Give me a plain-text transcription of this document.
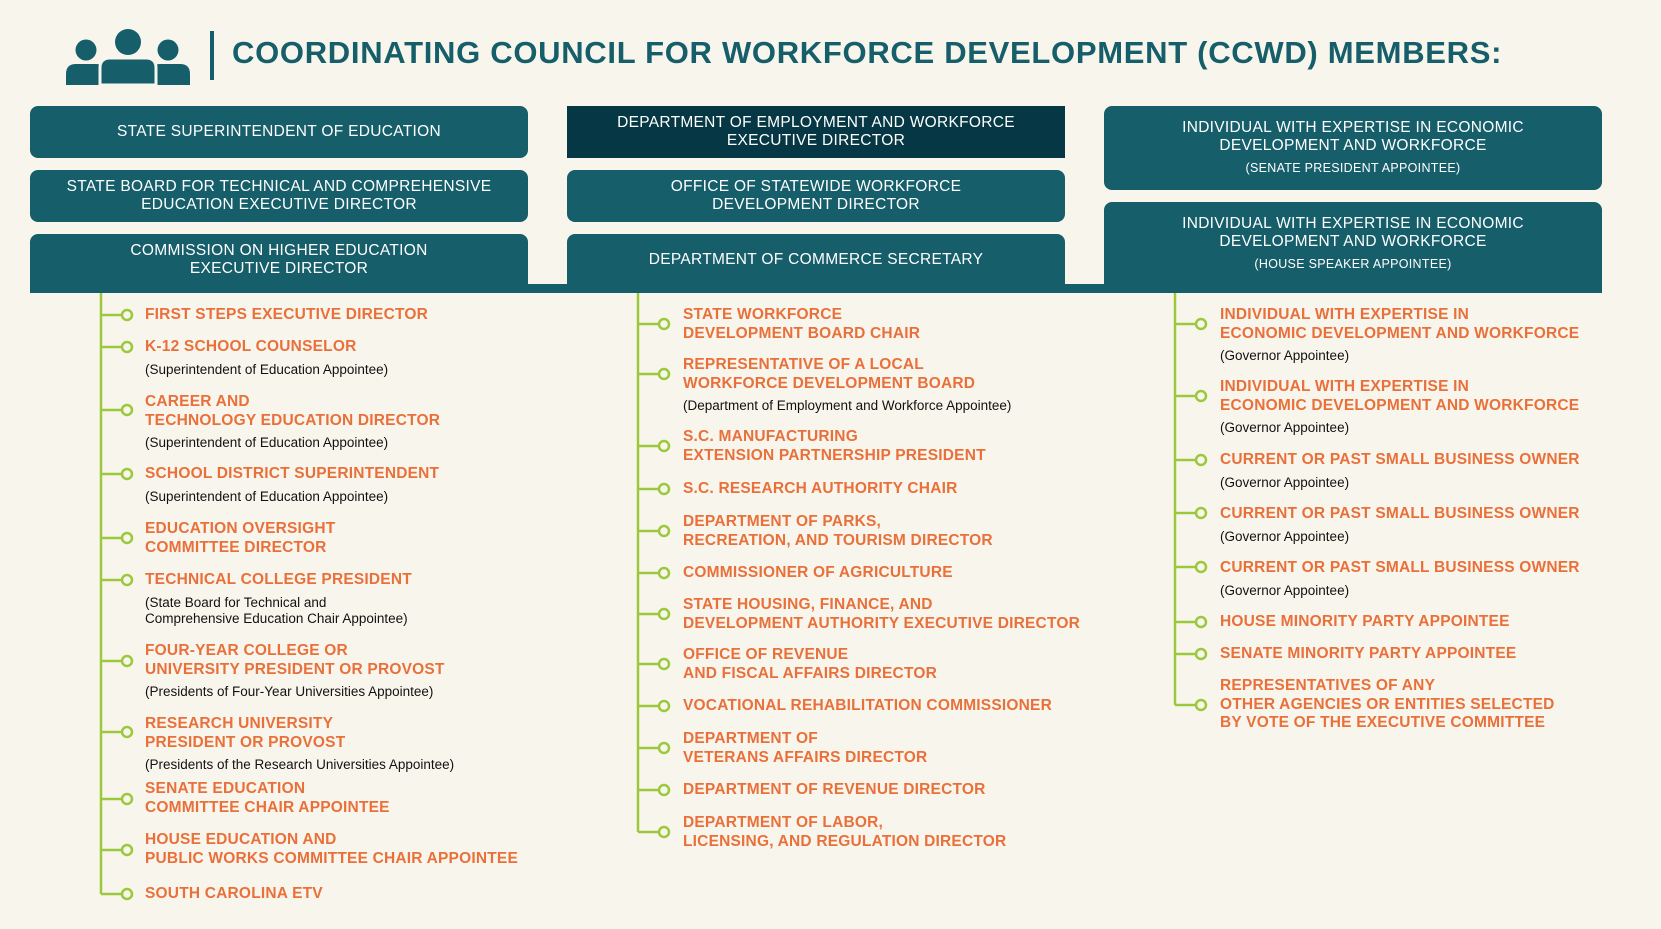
COORDINATING COUNCIL FOR WORKFORCE DEVELOPMENT (CCWD) MEMBERS:
STATE SUPERINTENDENT OF EDUCATION
STATE BOARD FOR TECHNICAL AND COMPREHENSIVE
EDUCATION EXECUTIVE DIRECTOR
COMMISSION ON HIGHER EDUCATION
EXECUTIVE DIRECTOR
DEPARTMENT OF EMPLOYMENT AND WORKFORCE
EXECUTIVE DIRECTOR
OFFICE OF STATEWIDE WORKFORCE
DEVELOPMENT DIRECTOR
DEPARTMENT OF COMMERCE SECRETARY
INDIVIDUAL WITH EXPERTISE IN ECONOMIC
DEVELOPMENT AND WORKFORCE
(SENATE PRESIDENT APPOINTEE)
INDIVIDUAL WITH EXPERTISE IN ECONOMIC
DEVELOPMENT AND WORKFORCE
(HOUSE SPEAKER APPOINTEE)
FIRST STEPS EXECUTIVE DIRECTOR
K-12 SCHOOL COUNSELOR
(Superintendent of Education Appointee)
CAREER AND
TECHNOLOGY EDUCATION DIRECTOR
(Superintendent of Education Appointee)
SCHOOL DISTRICT SUPERINTENDENT
(Superintendent of Education Appointee)
EDUCATION OVERSIGHT
COMMITTEE DIRECTOR
TECHNICAL COLLEGE PRESIDENT
(State Board for Technical and
Comprehensive Education Chair Appointee)
FOUR-YEAR COLLEGE OR
UNIVERSITY PRESIDENT OR PROVOST
(Presidents of Four-Year Universities Appointee)
RESEARCH UNIVERSITY
PRESIDENT OR PROVOST
(Presidents of the Research Universities Appointee)
SENATE EDUCATION
COMMITTEE CHAIR APPOINTEE
HOUSE EDUCATION AND
PUBLIC WORKS COMMITTEE CHAIR APPOINTEE
SOUTH CAROLINA ETV
STATE WORKFORCE
DEVELOPMENT BOARD CHAIR
REPRESENTATIVE OF A LOCAL
WORKFORCE DEVELOPMENT BOARD
(Department of Employment and Workforce Appointee)
S.C. MANUFACTURING
EXTENSION PARTNERSHIP PRESIDENT
S.C. RESEARCH AUTHORITY CHAIR
DEPARTMENT OF PARKS,
RECREATION, AND TOURISM DIRECTOR
COMMISSIONER OF AGRICULTURE
STATE HOUSING, FINANCE, AND
DEVELOPMENT AUTHORITY EXECUTIVE DIRECTOR
OFFICE OF REVENUE
AND FISCAL AFFAIRS DIRECTOR
VOCATIONAL REHABILITATION COMMISSIONER
DEPARTMENT OF
VETERANS AFFAIRS DIRECTOR
DEPARTMENT OF REVENUE DIRECTOR
DEPARTMENT OF LABOR,
LICENSING, AND REGULATION DIRECTOR
INDIVIDUAL WITH EXPERTISE IN
ECONOMIC DEVELOPMENT AND WORKFORCE
(Governor Appointee)
INDIVIDUAL WITH EXPERTISE IN
ECONOMIC DEVELOPMENT AND WORKFORCE
(Governor Appointee)
CURRENT OR PAST SMALL BUSINESS OWNER
(Governor Appointee)
CURRENT OR PAST SMALL BUSINESS OWNER
(Governor Appointee)
CURRENT OR PAST SMALL BUSINESS OWNER
(Governor Appointee)
HOUSE MINORITY PARTY APPOINTEE
SENATE MINORITY PARTY APPOINTEE
REPRESENTATIVES OF ANY
OTHER AGENCIES OR ENTITIES SELECTED
BY VOTE OF THE EXECUTIVE COMMITTEE
